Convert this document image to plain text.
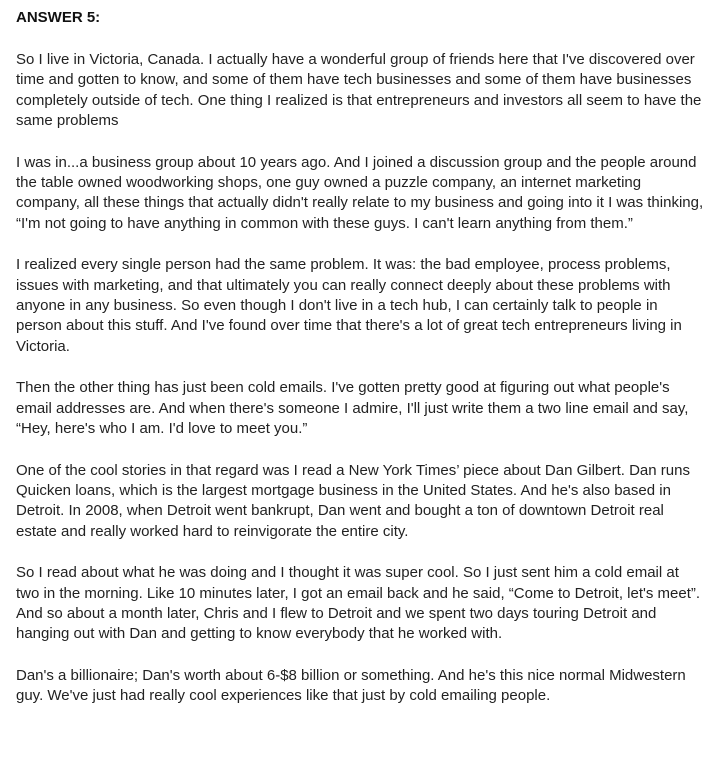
ANSWER 5:

So I live in Victoria, Canada. I actually have a wonderful group of friends here that I've discovered over time and gotten to know, and some of them have tech businesses and some of them have businesses completely outside of tech. One thing I realized is that entrepreneurs and investors all seem to have the same problems

I was in...a business group about 10 years ago. And I joined a discussion group and the people around the table owned woodworking shops, one guy owned a puzzle company, an internet marketing company, all these things that actually didn't really relate to my business and going into it I was thinking, “I'm not going to have anything in common with these guys. I can't learn anything from them.”

I realized every single person had the same problem. It was: the bad employee, process problems, issues with marketing, and that ultimately you can really connect deeply about these problems with anyone in any business. So even though I don't live in a tech hub, I can certainly talk to people in person about this stuff. And I've found over time that there's a lot of great tech entrepreneurs living in Victoria.

Then the other thing has just been cold emails. I've gotten pretty good at figuring out what people's email addresses are. And when there's someone I admire, I'll just write them a two line email and say, “Hey, here's who I am. I'd love to meet you.”

One of the cool stories in that regard was I read a New York Times’ piece about Dan Gilbert. Dan runs Quicken loans, which is the largest mortgage business in the United States. And he's also based in Detroit. In 2008, when Detroit went bankrupt, Dan went and bought a ton of downtown Detroit real estate and really worked hard to reinvigorate the entire city.

So I read about what he was doing and I thought it was super cool. So I just sent him a cold email at two in the morning. Like 10 minutes later, I got an email back and he said, “Come to Detroit, let's meet”. And so about a month later, Chris and I flew to Detroit and we spent two days touring Detroit and hanging out with Dan and getting to know everybody that he worked with.

Dan's a billionaire; Dan's worth about 6-$8 billion or something. And he's this nice normal Midwestern guy. We've just had really cool experiences like that just by cold emailing people.
